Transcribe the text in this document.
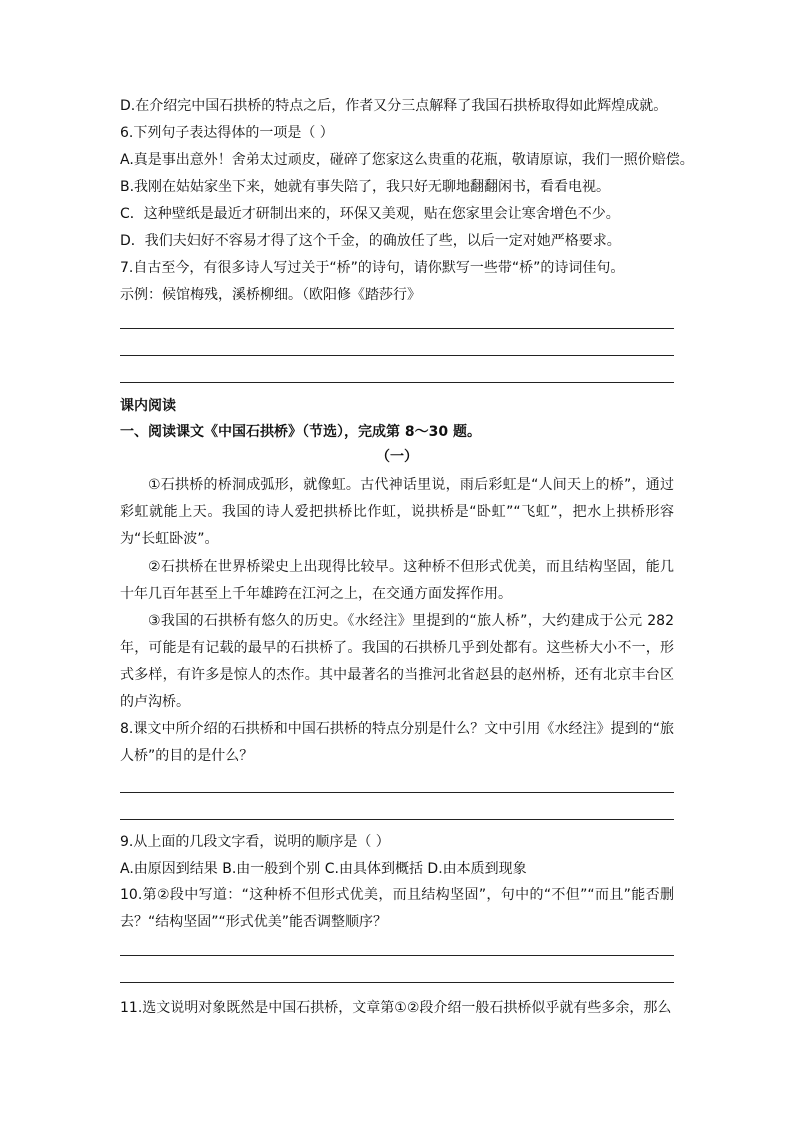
D.在介绍完中国石拱桥的特点之后，作者又分三点解释了我国石拱桥取得如此辉煌成就。
6.下列句子表达得体的一项是（ ）
A.真是事出意外！舍弟太过顽皮，碰碎了您家这么贵重的花瓶，敬请原谅，我们一照价赔偿。
B.我刚在姑姑家坐下来，她就有事失陪了，我只好无聊地翻翻闲书，看看电视。
C．这种壁纸是最近才研制出来的，环保又美观，贴在您家里会让寒舍增色不少。
D．我们夫妇好不容易才得了这个千金，的确放任了些，以后一定对她严格要求。
7.自古至今，有很多诗人写过关于“桥”的诗句，请你默写一些带“桥”的诗词佳句。
示例：候馆梅残，溪桥柳细。（欧阳修《踏莎行》
课内阅读
一、阅读课文《中国石拱桥》（节选），完成第 8～30 题。
（一）
①石拱桥的桥洞成弧形，就像虹。古代神话里说，雨后彩虹是“人间天上的桥”，通过彩虹就能上天。我国的诗人爱把拱桥比作虹，说拱桥是“卧虹”“飞虹”，把水上拱桥形容为“长虹卧波”。
②石拱桥在世界桥梁史上出现得比较早。这种桥不但形式优美，而且结构坚固，能几十年几百年甚至上千年雄跨在江河之上，在交通方面发挥作用。
③我国的石拱桥有悠久的历史。《水经注》里提到的“旅人桥”，大约建成于公元 282 年，可能是有记载的最早的石拱桥了。我国的石拱桥几乎到处都有。这些桥大小不一，形式多样，有许多是惊人的杰作。其中最著名的当推河北省赵县的赵州桥，还有北京丰台区的卢沟桥。
8.课文中所介绍的石拱桥和中国石拱桥的特点分别是什么？文中引用《水经注》提到的“旅人桥”的目的是什么？
9.从上面的几段文字看，说明的顺序是（ ）
A.由原因到结果 B.由一般到个别 C.由具体到概括 D.由本质到现象
10.第②段中写道：“这种桥不但形式优美，而且结构坚固”，句中的“不但”“而且”能否删去？“结构坚固”“形式优美”能否调整顺序？
11.选文说明对象既然是中国石拱桥，文章第①②段介绍一般石拱桥似乎就有些多余，那么
